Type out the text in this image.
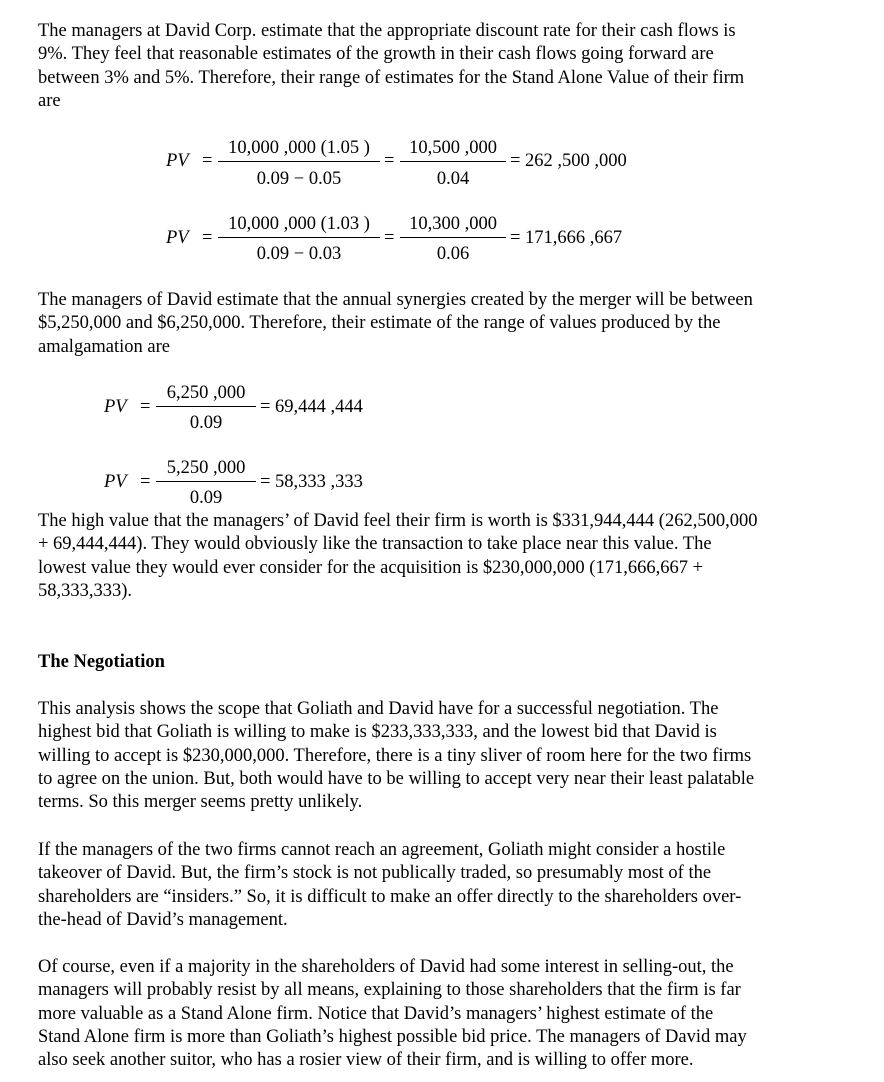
The managers at David Corp. estimate that the appropriate discount rate for their cash flows is
9%. They feel that reasonable estimates of the growth in their cash flows going forward are
between 3% and 5%. Therefore, their range of estimates for the Stand Alone Value of their firm
are

PV =
10,000 ,000 (1.05 )
0.09 − 0.05
=
10,500 ,000
0.04
= 262 ,500 ,000
PV =
10,000 ,000 (1.03 )
0.09 − 0.03
=
10,300 ,000
0.06
= 171,666 ,667

The managers of David estimate that the annual synergies created by the merger will be between
$5,250,000 and $6,250,000. Therefore, their estimate of the range of values produced by the
amalgamation are

PV =
6,250 ,000
0.09
= 69,444 ,444
PV =
5,250 ,000
0.09
= 58,333 ,333

The high value that the managers’ of David feel their firm is worth is $331,944,444 (262,500,000
+ 69,444,444). They would obviously like the transaction to take place near this value. The
lowest value they would ever consider for the acquisition is $230,000,000 (171,666,667 +
58,333,333).

The Negotiation

This analysis shows the scope that Goliath and David have for a successful negotiation. The
highest bid that Goliath is willing to make is $233,333,333, and the lowest bid that David is
willing to accept is $230,000,000. Therefore, there is a tiny sliver of room here for the two firms
to agree on the union. But, both would have to be willing to accept very near their least palatable
terms. So this merger seems pretty unlikely.

If the managers of the two firms cannot reach an agreement, Goliath might consider a hostile
takeover of David. But, the firm’s stock is not publically traded, so presumably most of the
shareholders are “insiders.” So, it is difficult to make an offer directly to the shareholders over-
the-head of David’s management.

Of course, even if a majority in the shareholders of David had some interest in selling-out, the
managers will probably resist by all means, explaining to those shareholders that the firm is far
more valuable as a Stand Alone firm. Notice that David’s managers’ highest estimate of the
Stand Alone firm is more than Goliath’s highest possible bid price. The managers of David may
also seek another suitor, who has a rosier view of their firm, and is willing to offer more.
